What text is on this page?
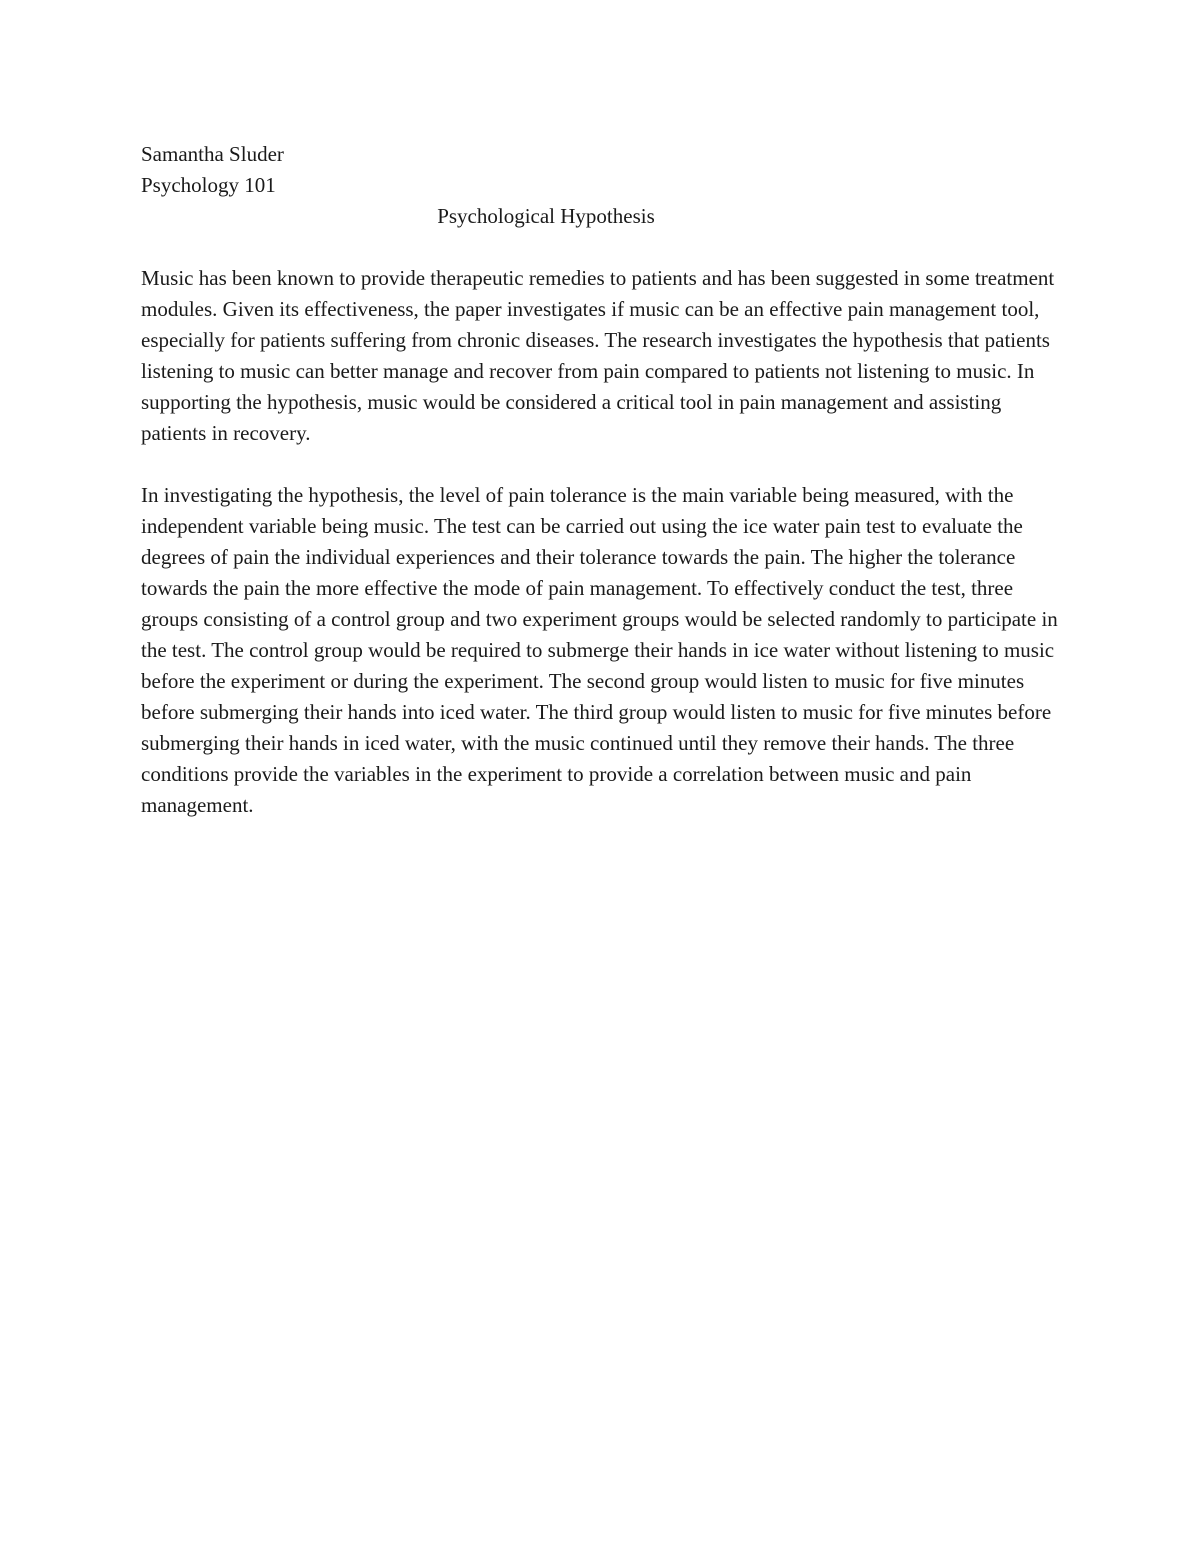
Samantha Sluder
Psychology 101
Psychological Hypothesis

Music has been known to provide therapeutic remedies to patients and has been suggested in some treatment modules. Given its effectiveness, the paper investigates if music can be an effective pain management tool, especially for patients suffering from chronic diseases. The research investigates the hypothesis that patients listening to music can better manage and recover from pain compared to patients not listening to music. In supporting the hypothesis, music would be considered a critical tool in pain management and assisting patients in recovery.

In investigating the hypothesis, the level of pain tolerance is the main variable being measured, with the independent variable being music. The test can be carried out using the ice water pain test to evaluate the degrees of pain the individual experiences and their tolerance towards the pain. The higher the tolerance towards the pain the more effective the mode of pain management. To effectively conduct the test, three groups consisting of a control group and two experiment groups would be selected randomly to participate in the test. The control group would be required to submerge their hands in ice water without listening to music before the experiment or during the experiment. The second group would listen to music for five minutes before submerging their hands into iced water. The third group would listen to music for five minutes before submerging their hands in iced water, with the music continued until they remove their hands. The three conditions provide the variables in the experiment to provide a correlation between music and pain management.
